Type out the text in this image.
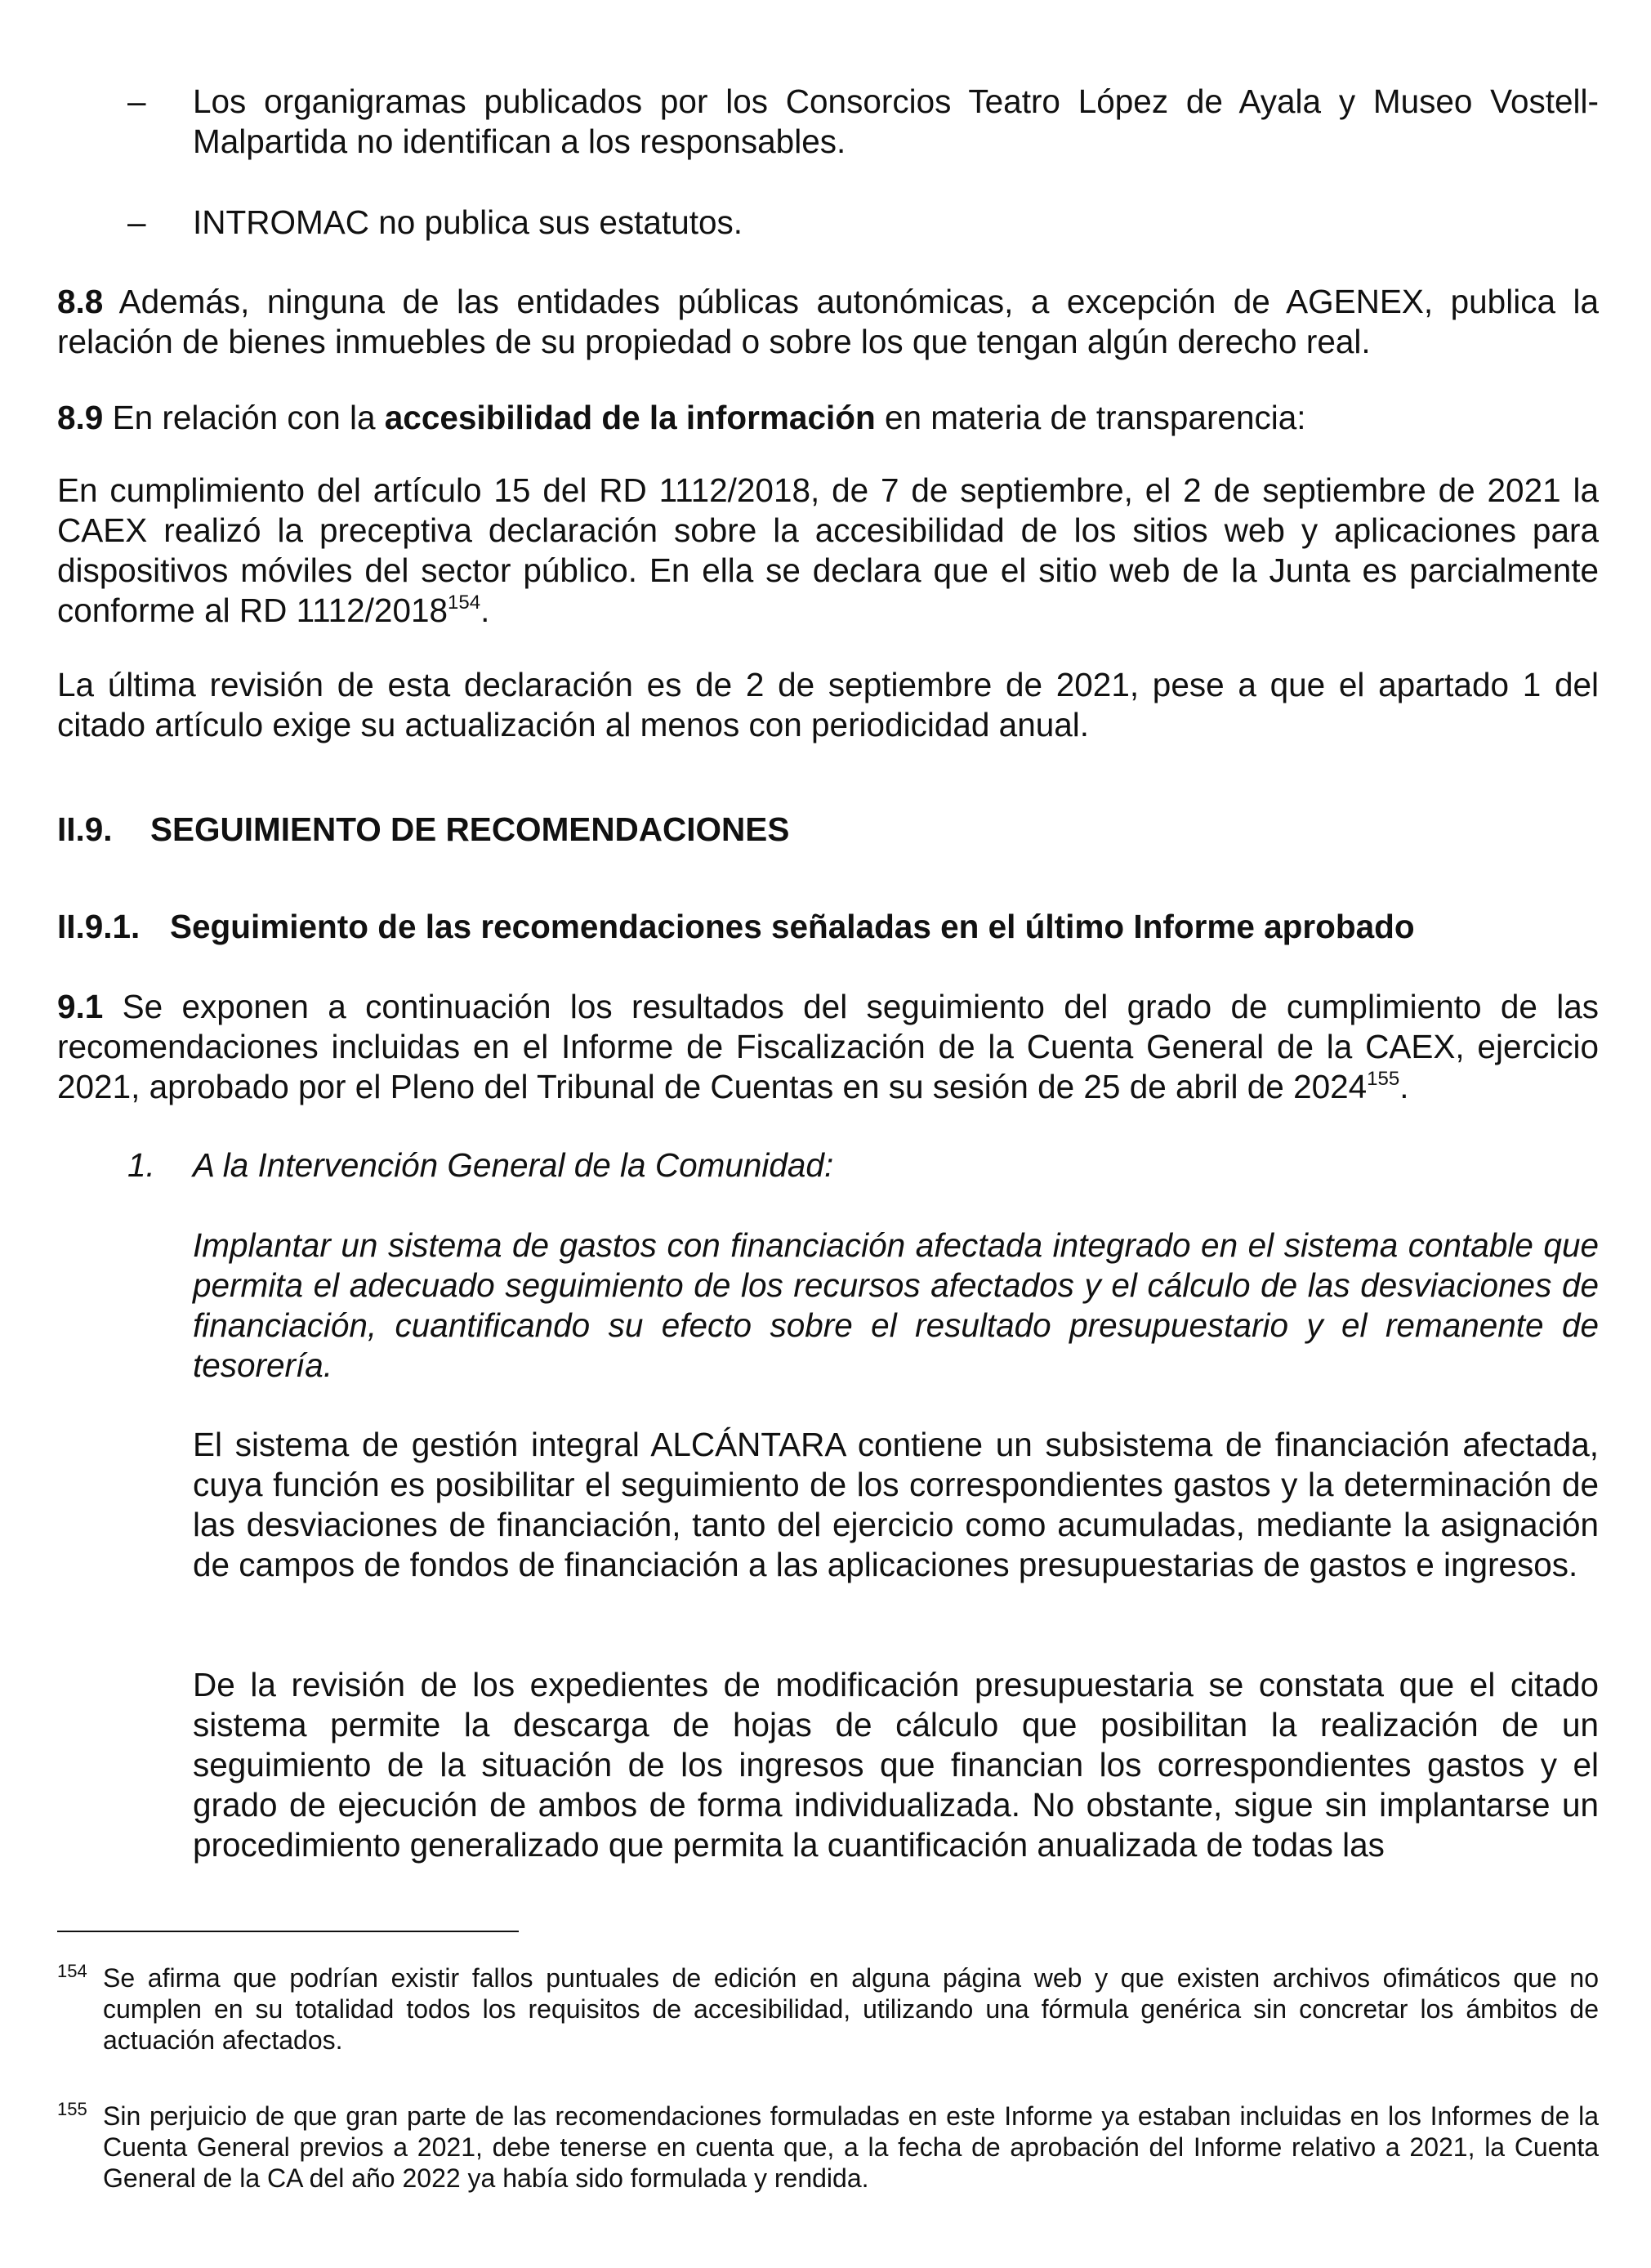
– Los organigramas publicados por los Consorcios Teatro López de Ayala y Museo Vostell-Malpartida no identifican a los responsables.

– INTROMAC no publica sus estatutos.

8.8 Además, ninguna de las entidades públicas autonómicas, a excepción de AGENEX, publica la relación de bienes inmuebles de su propiedad o sobre los que tengan algún derecho real.

8.9 En relación con la accesibilidad de la información en materia de transparencia:

En cumplimiento del artículo 15 del RD 1112/2018, de 7 de septiembre, el 2 de septiembre de 2021 la CAEX realizó la preceptiva declaración sobre la accesibilidad de los sitios web y aplicaciones para dispositivos móviles del sector público. En ella se declara que el sitio web de la Junta es parcialmente conforme al RD 1112/2018$^{154}$.

La última revisión de esta declaración es de 2 de septiembre de 2021, pese a que el apartado 1 del citado artículo exige su actualización al menos con periodicidad anual.

II.9. SEGUIMIENTO DE RECOMENDACIONES

II.9.1. Seguimiento de las recomendaciones señaladas en el último Informe aprobado

9.1 Se exponen a continuación los resultados del seguimiento del grado de cumplimiento de las recomendaciones incluidas en el Informe de Fiscalización de la Cuenta General de la CAEX, ejercicio 2021, aprobado por el Pleno del Tribunal de Cuentas en su sesión de 25 de abril de 2024$^{155}$.

1. A la Intervención General de la Comunidad:

Implantar un sistema de gastos con financiación afectada integrado en el sistema contable que permita el adecuado seguimiento de los recursos afectados y el cálculo de las desviaciones de financiación, cuantificando su efecto sobre el resultado presupuestario y el remanente de tesorería.

El sistema de gestión integral ALCÁNTARA contiene un subsistema de financiación afectada, cuya función es posibilitar el seguimiento de los correspondientes gastos y la determinación de las desviaciones de financiación, tanto del ejercicio como acumuladas, mediante la asignación de campos de fondos de financiación a las aplicaciones presupuestarias de gastos e ingresos.

De la revisión de los expedientes de modificación presupuestaria se constata que el citado sistema permite la descarga de hojas de cálculo que posibilitan la realización de un seguimiento de la situación de los ingresos que financian los correspondientes gastos y el grado de ejecución de ambos de forma individualizada. No obstante, sigue sin implantarse un procedimiento generalizado que permita la cuantificación anualizada de todas las

154 Se afirma que podrían existir fallos puntuales de edición en alguna página web y que existen archivos ofimáticos que no cumplen en su totalidad todos los requisitos de accesibilidad, utilizando una fórmula genérica sin concretar los ámbitos de actuación afectados.
155 Sin perjuicio de que gran parte de las recomendaciones formuladas en este Informe ya estaban incluidas en los Informes de la Cuenta General previos a 2021, debe tenerse en cuenta que, a la fecha de aprobación del Informe relativo a 2021, la Cuenta General de la CA del año 2022 ya había sido formulada y rendida.
